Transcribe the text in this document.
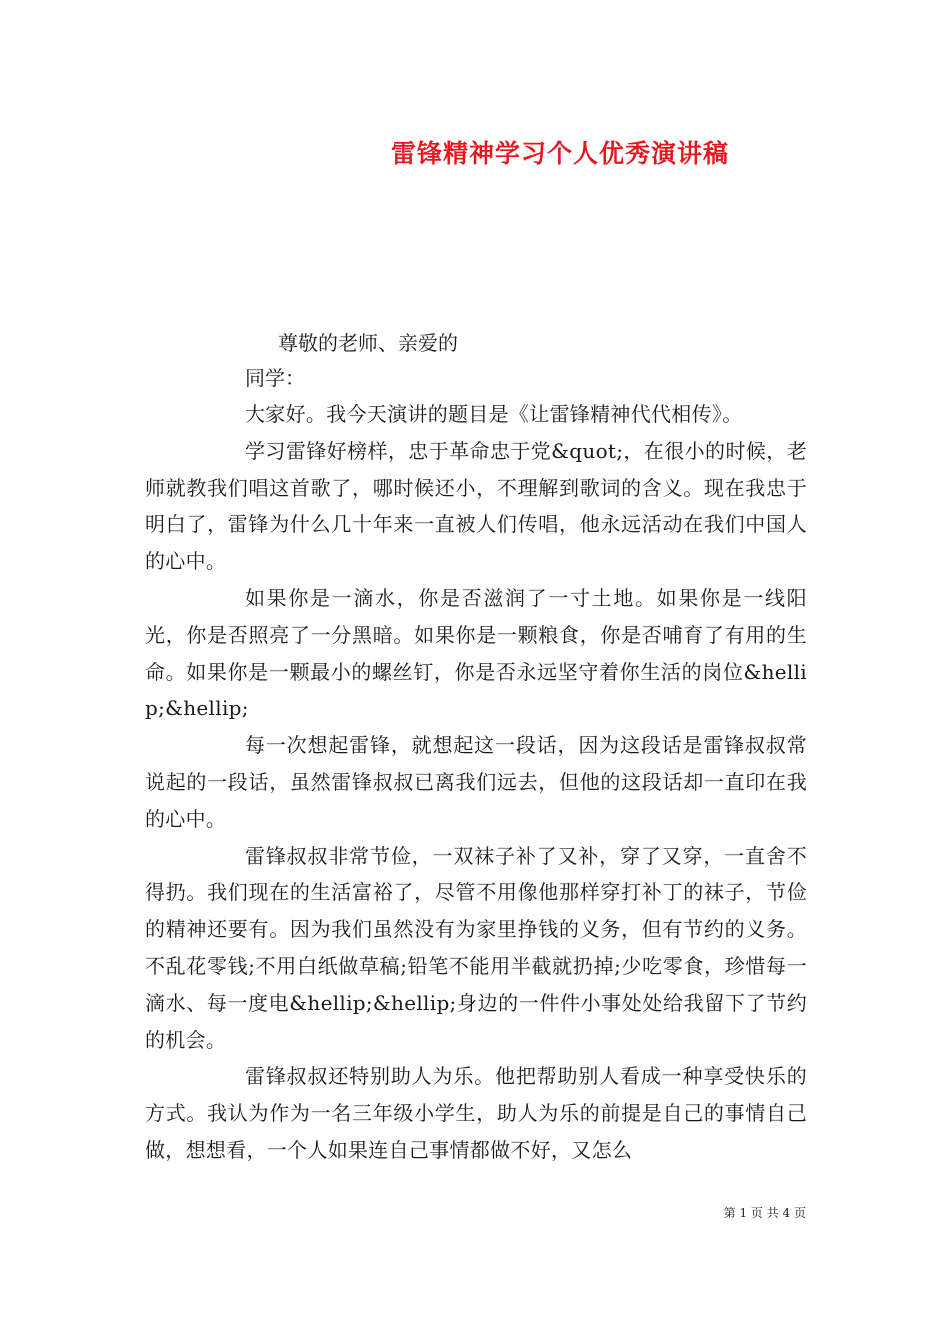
雷锋精神学习个人优秀演讲稿
尊敬的老师、亲爱的
同学：

大家好。我今天演讲的题目是《让雷锋精神代代相传》。

学习雷锋好榜样，忠于革命忠于党&quot;，在很小的时候，老师就教我们唱这首歌了，哪时候还小，不理解到歌词的含义。现在我忠于明白了，雷锋为什么几十年来一直被人们传唱，他永远活动在我们中国人的心中。

如果你是一滴水，你是否滋润了一寸土地。如果你是一线阳光，你是否照亮了一分黑暗。如果你是一颗粮食，你是否哺育了有用的生命。如果你是一颗最小的螺丝钉，你是否永远坚守着你生活的岗位&hellip;&hellip;

每一次想起雷锋，就想起这一段话，因为这段话是雷锋叔叔常说起的一段话，虽然雷锋叔叔已离我们远去，但他的这段话却一直印在我的心中。

雷锋叔叔非常节俭，一双袜子补了又补，穿了又穿，一直舍不得扔。我们现在的生活富裕了，尽管不用像他那样穿打补丁的袜子，节俭的精神还要有。因为我们虽然没有为家里挣钱的义务，但有节约的义务。不乱花零钱;不用白纸做草稿;铅笔不能用半截就扔掉;少吃零食，珍惜每一滴水、每一度电&hellip;&hellip;身边的一件件小事处处给我留下了节约的机会。

雷锋叔叔还特别助人为乐。他把帮助别人看成一种享受快乐的方式。我认为作为一名三年级小学生，助人为乐的前提是自己的事情自己做，想想看，一个人如果连自己事情都做不好，又怎么

第 1 页 共 4 页
